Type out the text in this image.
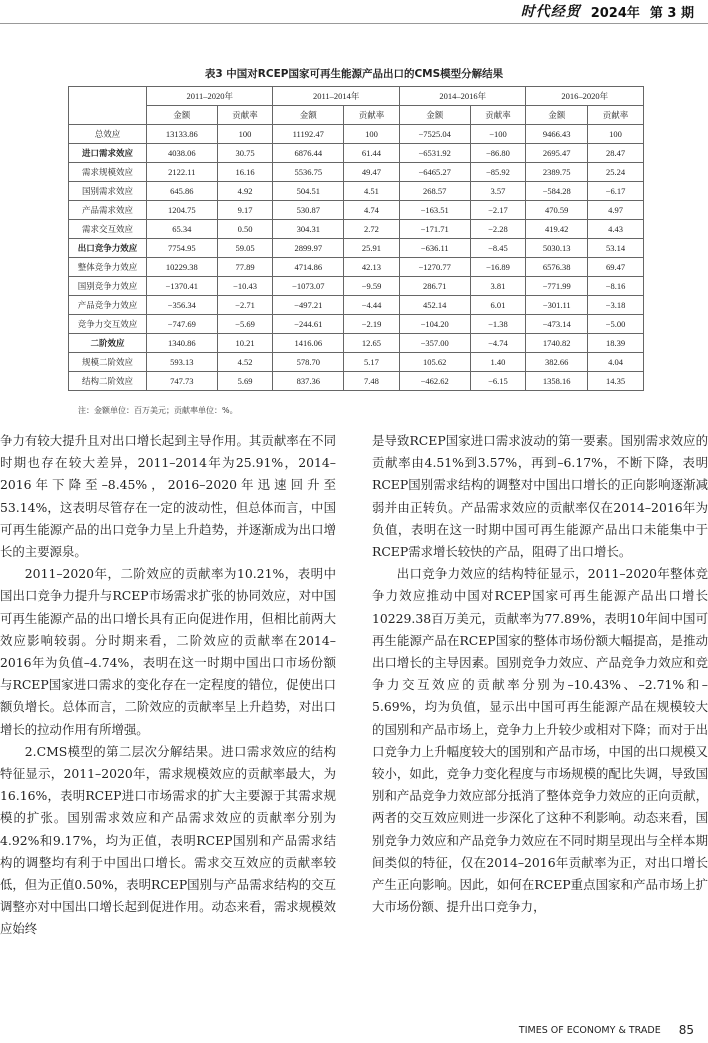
时代经贸 2024年 第 3 期
表3 中国对RCEP国家可再生能源产品出口的CMS模型分解结果
	2011–2020年		2011–2014年		2014–2016年		2016–2020年	
	金额	贡献率	金额	贡献率	金额	贡献率	金额	贡献率
总效应	13133.86	100	11192.47	100	−7525.04	−100	9466.43	100
进口需求效应	4038.06	30.75	6876.44	61.44	−6531.92	−86.80	2695.47	28.47
需求规模效应	2122.11	16.16	5536.75	49.47	−6465.27	−85.92	2389.75	25.24
国别需求效应	645.86	4.92	504.51	4.51	268.57	3.57	−584.28	−6.17
产品需求效应	1204.75	9.17	530.87	4.74	−163.51	−2.17	470.59	4.97
需求交互效应	65.34	0.50	304.31	2.72	−171.71	−2.28	419.42	4.43
出口竞争力效应	7754.95	59.05	2899.97	25.91	−636.11	−8.45	5030.13	53.14
整体竞争力效应	10229.38	77.89	4714.86	42.13	−1270.77	−16.89	6576.38	69.47
国别竞争力效应	−1370.41	−10.43	−1073.07	−9.59	286.71	3.81	−771.99	−8.16
产品竞争力效应	−356.34	−2.71	−497.21	−4.44	452.14	6.01	−301.11	−3.18
竞争力交互效应	−747.69	−5.69	−244.61	−2.19	−104.20	−1.38	−473.14	−5.00
二阶效应	1340.86	10.21	1416.06	12.65	−357.00	−4.74	1740.82	18.39
规模二阶效应	593.13	4.52	578.70	5.17	105.62	1.40	382.66	4.04
结构二阶效应	747.73	5.69	837.36	7.48	−462.62	−6.15	1358.16	14.35
注：金额单位：百万美元；贡献率单位：%。

争力有较大提升且对出口增长起到主导作用。其贡献率在不同时期也存在较大差异，2011–2014年为25.91%，2014–2016年下降至–8.45%，2016–2020年迅速回升至53.14%，这表明尽管存在一定的波动性，但总体而言，中国可再生能源产品的出口竞争力呈上升趋势，并逐渐成为出口增长的主要源泉。

2011–2020年，二阶效应的贡献率为10.21%，表明中国出口竞争力提升与RCEP市场需求扩张的协同效应，对中国可再生能源产品的出口增长具有正向促进作用，但相比前两大效应影响较弱。分时期来看，二阶效应的贡献率在2014–2016年为负值–4.74%，表明在这一时期中国出口市场份额与RCEP国家进口需求的变化存在一定程度的错位，促使出口额负增长。总体而言，二阶效应的贡献率呈上升趋势，对出口增长的拉动作用有所增强。

2.CMS模型的第二层次分解结果。进口需求效应的结构特征显示，2011–2020年，需求规模效应的贡献率最大，为16.16%，表明RCEP进口市场需求的扩大主要源于其需求规模的扩张。国别需求效应和产品需求效应的贡献率分别为4.92%和9.17%，均为正值，表明RCEP国别和产品需求结构的调整均有利于中国出口增长。需求交互效应的贡献率较低，但为正值0.50%，表明RCEP国别与产品需求结构的交互调整亦对中国出口增长起到促进作用。动态来看，需求规模效应始终

是导致RCEP国家进口需求波动的第一要素。国别需求效应的贡献率由4.51%到3.57%，再到–6.17%，不断下降，表明RCEP国别需求结构的调整对中国出口增长的正向影响逐渐减弱并由正转负。产品需求效应的贡献率仅在2014–2016年为负值，表明在这一时期中国可再生能源产品出口未能集中于RCEP需求增长较快的产品，阻碍了出口增长。

出口竞争力效应的结构特征显示，2011–2020年整体竞争力效应推动中国对RCEP国家可再生能源产品出口增长10229.38百万美元，贡献率为77.89%，表明10年间中国可再生能源产品在RCEP国家的整体市场份额大幅提高，是推动出口增长的主导因素。国别竞争力效应、产品竞争力效应和竞争力交互效应的贡献率分别为–10.43%、–2.71%和–5.69%，均为负值，显示出中国可再生能源产品在规模较大的国别和产品市场上，竞争力上升较少或相对下降；而对于出口竞争力上升幅度较大的国别和产品市场，中国的出口规模又较小，如此，竞争力变化程度与市场规模的配比失调，导致国别和产品竞争力效应部分抵消了整体竞争力效应的正向贡献，两者的交互效应则进一步深化了这种不利影响。动态来看，国别竞争力效应和产品竞争力效应在不同时期呈现出与全样本期间类似的特征，仅在2014–2016年贡献率为正，对出口增长产生正向影响。因此，如何在RCEP重点国家和产品市场上扩大市场份额、提升出口竞争力，

TIMES OF ECONOMY & TRADE 85
